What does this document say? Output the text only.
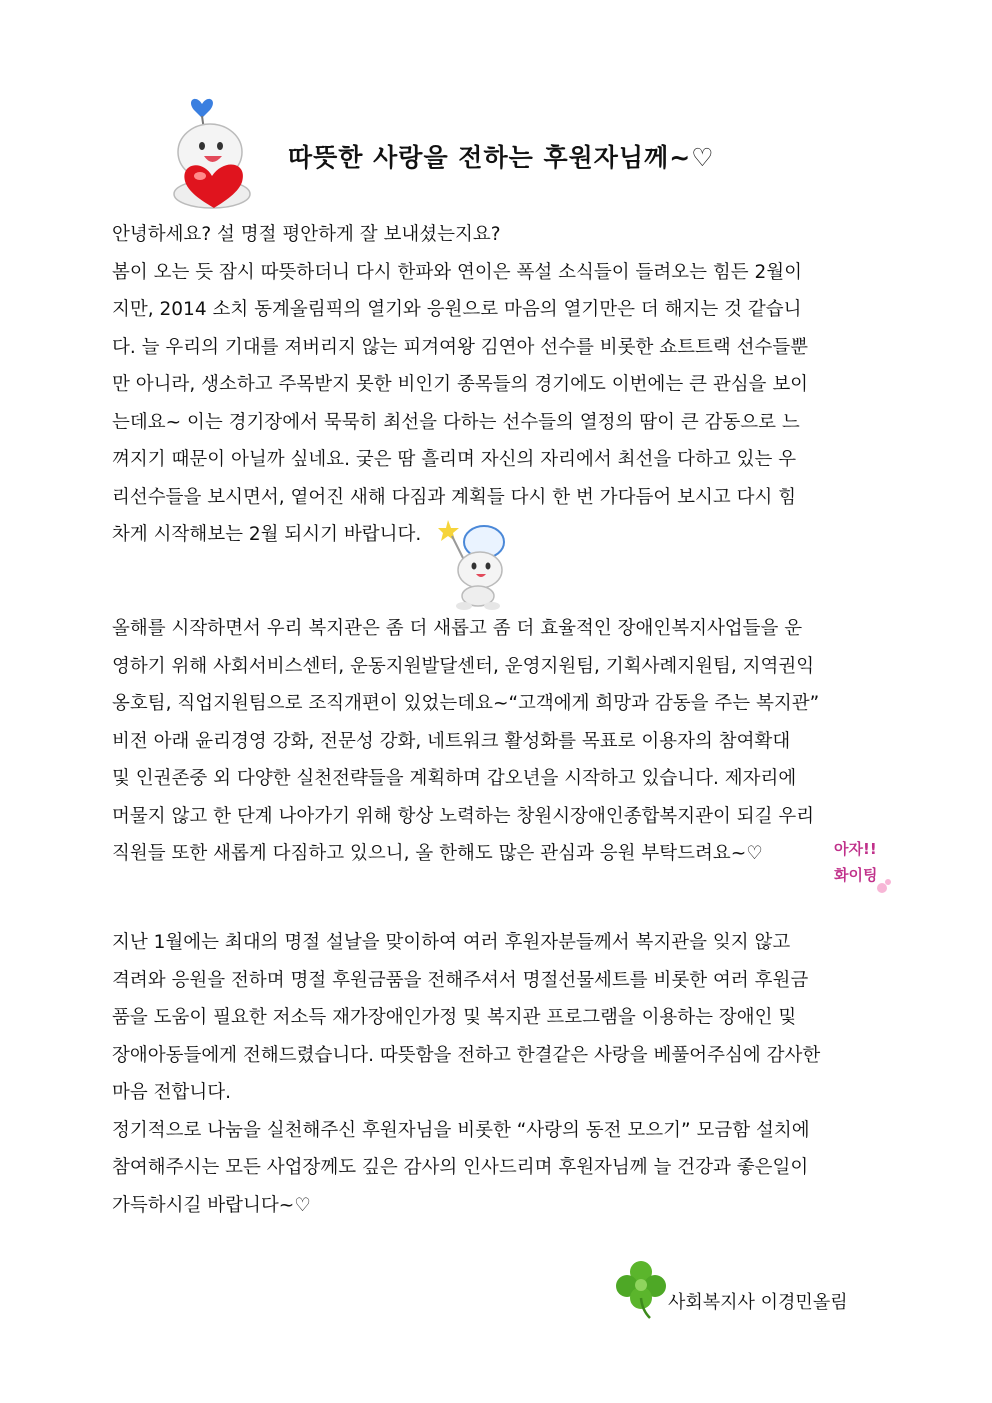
따뜻한 사랑을 전하는 후원자님께~♡
안녕하세요? 설 명절 평안하게 잘 보내셨는지요?
봄이 오는 듯 잠시 따뜻하더니 다시 한파와 연이은 폭설 소식들이 들려오는 힘든 2월이
지만, 2014 소치 동계올림픽의 열기와 응원으로 마음의 열기만은 더 해지는 것 같습니
다. 늘 우리의 기대를 져버리지 않는 피겨여왕 김연아 선수를 비롯한 쇼트트랙 선수들뿐
만 아니라, 생소하고 주목받지 못한 비인기 종목들의 경기에도 이번에는 큰 관심을 보이
는데요~ 이는 경기장에서 묵묵히 최선을 다하는 선수들의 열정의 땀이 큰 감동으로 느
껴지기 때문이 아닐까 싶네요. 궂은 땀 흘리며 자신의 자리에서 최선을 다하고 있는 우
리선수들을 보시면서, 옅어진 새해 다짐과 계획들 다시 한 번 가다듬어 보시고 다시 힘
차게 시작해보는 2월 되시기 바랍니다.
올해를 시작하면서 우리 복지관은 좀 더 새롭고 좀 더 효율적인 장애인복지사업들을 운
영하기 위해 사회서비스센터, 운동지원발달센터, 운영지원팀, 기획사례지원팀, 지역권익
옹호팀, 직업지원팀으로 조직개편이 있었는데요~“고객에게 희망과 감동을 주는 복지관”
비전 아래 윤리경영 강화, 전문성 강화, 네트워크 활성화를 목표로 이용자의 참여확대
및 인권존중 외 다양한 실천전략들을 계획하며 갑오년을 시작하고 있습니다. 제자리에
머물지 않고 한 단계 나아가기 위해 항상 노력하는 창원시장애인종합복지관이 되길 우리
직원들 또한 새롭게 다짐하고 있으니, 올 한해도 많은 관심과 응원 부탁드려요~♡	아자!!
화이팅
지난 1월에는 최대의 명절 설날을 맞이하여 여러 후원자분들께서 복지관을 잊지 않고
격려와 응원을 전하며 명절 후원금품을 전해주셔서 명절선물세트를 비롯한 여러 후원금
품을 도움이 필요한 저소득 재가장애인가정 및 복지관 프로그램을 이용하는 장애인 및
장애아동들에게 전해드렸습니다. 따뜻함을 전하고 한결같은 사랑을 베풀어주심에 감사한
마음 전합니다.
정기적으로 나눔을 실천해주신 후원자님을 비롯한 “사랑의 동전 모으기” 모금함 설치에
참여해주시는 모든 사업장께도 깊은 감사의 인사드리며 후원자님께 늘 건강과 좋은일이
가득하시길 바랍니다~♡
사회복지사 이경민올림
